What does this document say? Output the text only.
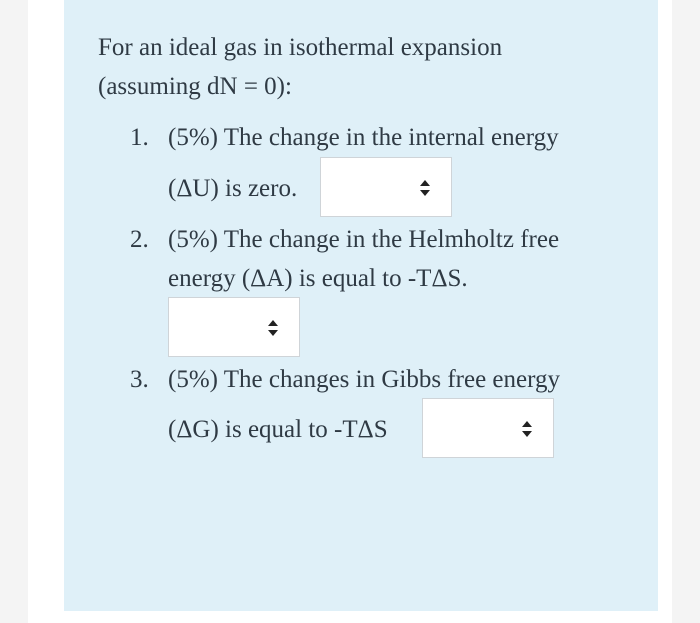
For an ideal gas in isothermal expansion
(assuming dN = 0):
1. (5%) The change in the internal energy
(ΔU) is zero.
2. (5%) The change in the Helmholtz free
energy (ΔA) is equal to -TΔS.
3. (5%) The changes in Gibbs free energy
(ΔG) is equal to -TΔS
